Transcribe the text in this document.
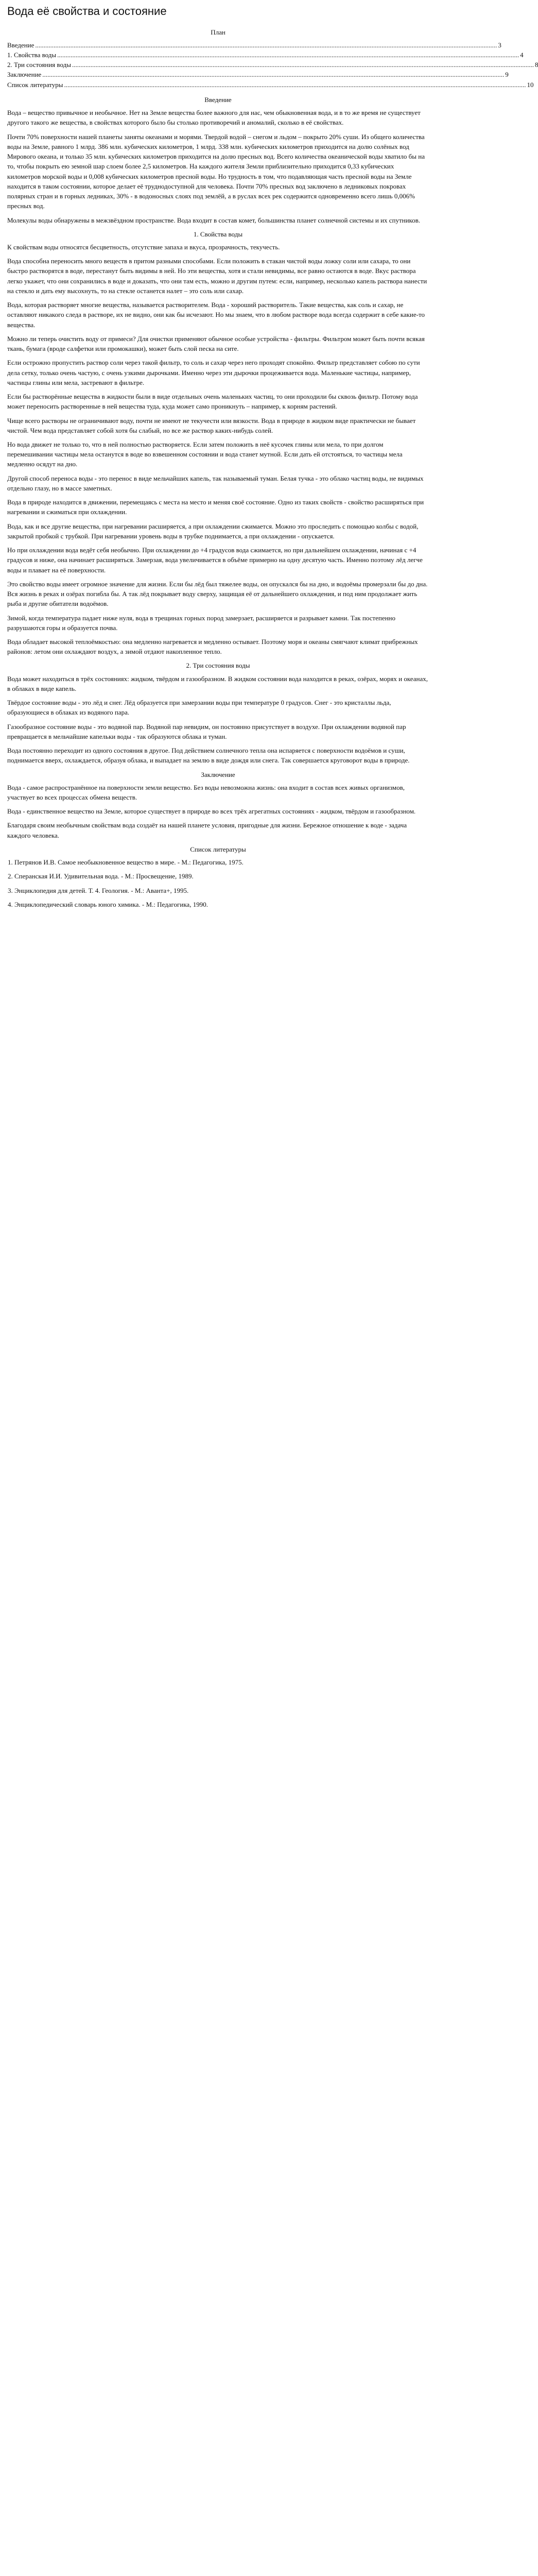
Вода её свойства и состояние

План

Введение .................................................................................................................................................................................................................................................................................... 3
1. Свойства воды .................................................................................................................................................................................................................................................................................... 4
2. Три состояния воды .................................................................................................................................................................................................................................................................................... 8
Заключение .................................................................................................................................................................................................................................................................................... 9
Список литературы .................................................................................................................................................................................................................................................................................... 10

Введение

Вода – вещество привычное и необычное. Нет на Земле вещества более важного для нас, чем обыкновенная вода, и в то же время не существует другого такого же вещества, в свойствах которого было бы столько противоречий и аномалий, сколько в её свойствах.

Почти 70% поверхности нашей планеты заняты океанами и морями. Твердой водой – снегом и льдом – покрыто 20% суши. Из общего количества воды на Земле, равного 1 млрд. 386 млн. кубических километров, 1 млрд. 338 млн. кубических километров приходится на долю солёных вод Мирового океана, и только 35 млн. кубических километров приходится на долю пресных вод. Всего количества океанической воды хватило бы на то, чтобы покрыть ею земной шар слоем более 2,5 километров. На каждого жителя Земли приблизительно приходится 0,33 кубических километров морской воды и 0,008 кубических километров пресной воды. Но трудность в том, что подавляющая часть пресной воды на Земле находится в таком состоянии, которое делает её труднодоступной для человека. Почти 70% пресных вод заключено в ледниковых покровах полярных стран и в горных ледниках, 30% - в водоносных слоях под землёй, а в руслах всех рек содержится одновременно всего лишь 0,006% пресных вод.

Молекулы воды обнаружены в межзвёздном пространстве. Вода входит в состав комет, большинства планет солнечной системы и их спутников.

1. Свойства воды

К свойствам воды относятся бесцветность, отсутствие запаха и вкуса, прозрачность, текучесть.

Вода способна переносить много веществ в притом разными способами. Если положить в стакан чистой воды ложку соли или сахара, то они быстро растворятся в воде, перестанут быть видимы в ней. Но эти вещества, хотя и стали невидимы, все равно остаются в воде. Вкус раствора легко укажет, что они сохранились в воде и доказать, что они там есть, можно и другим путем: если, например, несколько капель раствора нанести на стекло и дать ему высохнуть, то на стекле останется налет – это соль или сахар.

Вода, которая растворяет многие вещества, называется растворителем. Вода - хороший растворитель. Такие вещества, как соль и сахар, не оставляют никакого следа в растворе, их не видно, они как бы исчезают. Но мы знаем, что в любом растворе вода всегда содержит в себе какие-то вещества.

Можно ли теперь очистить воду от примеси? Для очистки применяют обычное особые устройства - фильтры. Фильтром может быть почти всякая ткань, бумага (вроде салфетки или промокашки), может быть слой песка на сите.

Если острожно пропустить раствор соли через такой фильтр, то соль и сахар через него проходят спокойно. Фильтр представляет собою по сути дела сетку, только очень частую, с очень узкими дырочками. Именно через эти дырочки процеживается вода. Маленькие частицы, например, частицы глины или мела, застревают в фильтре.

Если бы растворённые вещества в жидкости были в виде отдельных очень маленьких частиц, то они проходили бы сквозь фильтр. Потому вода может переносить растворенные в ней вещества туда, куда может само проникнуть – например, к корням растений.

Чище всего растворы не ограничивают воду, почти не имеют не текучести или вязкости. Вода в природе в жидком виде практически не бывает чистой. Чем вода представляет собой хотя бы слабый, но все же раствор каких-нибудь солей.

Но вода движет не только то, что в ней полностью растворяется. Если затем положить в неё кусочек глины или мела, то при долгом перемешивании частицы мела останутся в воде во взвешенном состоянии и вода станет мутной. Если дать ей отстояться, то частицы мела медленно осядут на дно.

Другой способ переноса воды - это перенос в виде мельчайших капель, так называемый туман. Белая тучка - это облако частиц воды, не видимых отдельно глазу, но в массе заметных.

Вода в природе находится в движении, перемещаясь с места на место и меняя своё состояние. Одно из таких свойств - свойство расширяться при нагревании и сжиматься при охлаждении.

Вода, как и все другие вещества, при нагревании расширяется, а при охлаждении сжимается. Можно это проследить с помощью колбы с водой, закрытой пробкой с трубкой. При нагревании уровень воды в трубке поднимается, а при охлаждении - опускается.

Но при охлаждении вода ведёт себя необычно. При охлаждении до +4 градусов вода сжимается, но при дальнейшем охлаждении, начиная с +4 градусов и ниже, она начинает расширяться. Замерзая, вода увеличивается в объёме примерно на одну десятую часть. Именно поэтому лёд легче воды и плавает на её поверхности.

Это свойство воды имеет огромное значение для жизни. Если бы лёд был тяжелее воды, он опускался бы на дно, и водоёмы промерзали бы до дна. Вся жизнь в реках и озёрах погибла бы. А так лёд покрывает воду сверху, защищая её от дальнейшего охлаждения, и под ним продолжает жить рыба и другие обитатели водоёмов.

Зимой, когда температура падает ниже нуля, вода в трещинах горных пород замерзает, расширяется и разрывает камни. Так постепенно разрушаются горы и образуется почва.

Вода обладает высокой теплоёмкостью: она медленно нагревается и медленно остывает. Поэтому моря и океаны смягчают климат прибрежных районов: летом они охлаждают воздух, а зимой отдают накопленное тепло.

2. Три состояния воды

Вода может находиться в трёх состояниях: жидком, твёрдом и газообразном. В жидком состоянии вода находится в реках, озёрах, морях и океанах, в облаках в виде капель.

Твёрдое состояние воды - это лёд и снег. Лёд образуется при замерзании воды при температуре 0 градусов. Снег - это кристаллы льда, образующиеся в облаках из водяного пара.

Газообразное состояние воды - это водяной пар. Водяной пар невидим, он постоянно присутствует в воздухе. При охлаждении водяной пар превращается в мельчайшие капельки воды - так образуются облака и туман.

Вода постоянно переходит из одного состояния в другое. Под действием солнечного тепла она испаряется с поверхности водоёмов и суши, поднимается вверх, охлаждается, образуя облака, и выпадает на землю в виде дождя или снега. Так совершается круговорот воды в природе.

Заключение

Вода - самое распространённое на поверхности земли вещество. Без воды невозможна жизнь: она входит в состав всех живых организмов, участвует во всех процессах обмена веществ.

Вода - единственное вещество на Земле, которое существует в природе во всех трёх агрегатных состояниях - жидком, твёрдом и газообразном.

Благодаря своим необычным свойствам вода создаёт на нашей планете условия, пригодные для жизни. Бережное отношение к воде - задача каждого человека.

Список литературы

1. Петрянов И.В. Самое необыкновенное вещество в мире. - М.: Педагогика, 1975.
2. Сперанская И.И. Удивительная вода. - М.: Просвещение, 1989.
3. Энциклопедия для детей. Т. 4. Геология. - М.: Аванта+, 1995.
4. Энциклопедический словарь юного химика. - М.: Педагогика, 1990.
